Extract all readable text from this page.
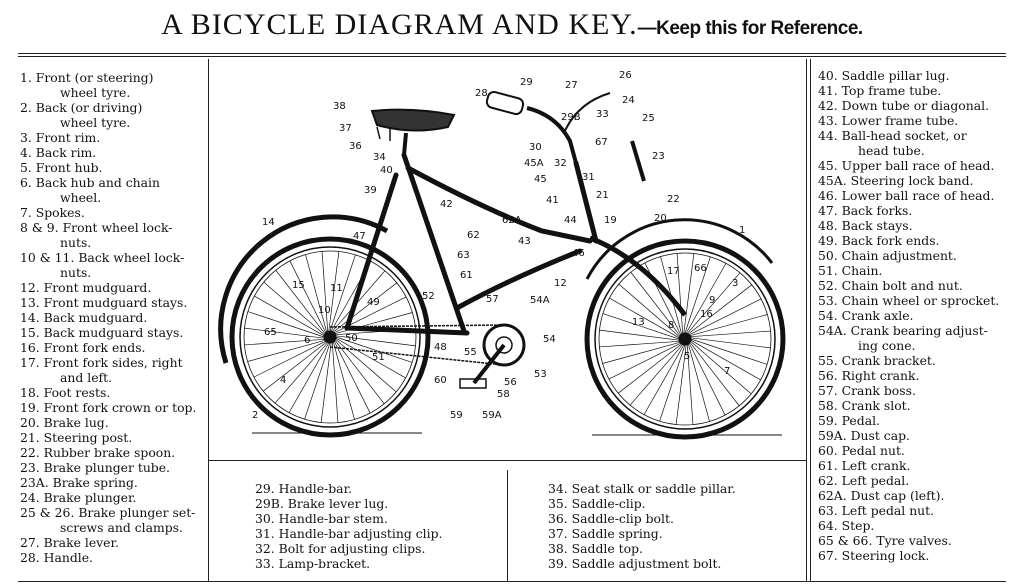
A BICYCLE DIAGRAM AND KEY.—Keep this for Reference.
1. Front (or steering)
wheel tyre.
2. Back (or driving)
wheel tyre.
3. Front rim.
4. Back rim.
5. Front hub.
6. Back hub and chain
wheel.
7. Spokes.
8 & 9. Front wheel lock-
nuts.
10 & 11. Back wheel lock-
nuts.
12. Front mudguard.
13. Front mudguard stays.
14. Back mudguard.
15. Back mudguard stays.
16. Front fork ends.
17. Front fork sides, right
and left.
18. Foot rests.
19. Front fork crown or top.
20. Brake lug.
21. Steering post.
22. Rubber brake spoon.
23. Brake plunger tube.
23A. Brake spring.
24. Brake plunger.
25 & 26. Brake plunger set-
screws and clamps.
27. Brake lever.
28. Handle.
29. Handle-bar.
29B. Brake lever lug.
30. Handle-bar stem.
31. Handle-bar adjusting clip.
32. Bolt for adjusting clips.
33. Lamp-bracket.
34. Seat stalk or saddle pillar.
35. Saddle-clip.
36. Saddle-clip bolt.
37. Saddle spring.
38. Saddle top.
39. Saddle adjustment bolt.
40. Saddle pillar lug.
41. Top frame tube.
42. Down tube or diagonal.
43. Lower frame tube.
44. Ball-head socket, or
head tube.
45. Upper ball race of head.
45A. Steering lock band.
46. Lower ball race of head.
47. Back forks.
48. Back stays.
49. Back fork ends.
50. Chain adjustment.
51. Chain.
52. Chain bolt and nut.
53. Chain wheel or sprocket.
54. Crank axle.
54A. Crank bearing adjust-
ing cone.
55. Crank bracket.
56. Right crank.
57. Crank boss.
58. Crank slot.
59. Pedal.
59A. Dust cap.
60. Pedal nut.
61. Left crank.
62. Left pedal.
62A. Dust cap (left).
63. Left pedal nut.
64. Step.
65 & 66. Tyre valves.
67. Steering lock.
1
2
3
4
5
6
7
8
9
10
11	12
13
14
15
16
17
19	20
21	22
23
24
25
26
27
28
29
29B
30
31
32
33
34
36
37
38
39
40
41
42
43
44
45
45A
46
47
48
49
50
51
52
53
54
54A
55
56
57
58
59 59A
60
61
62
62A
63
65
66
67
